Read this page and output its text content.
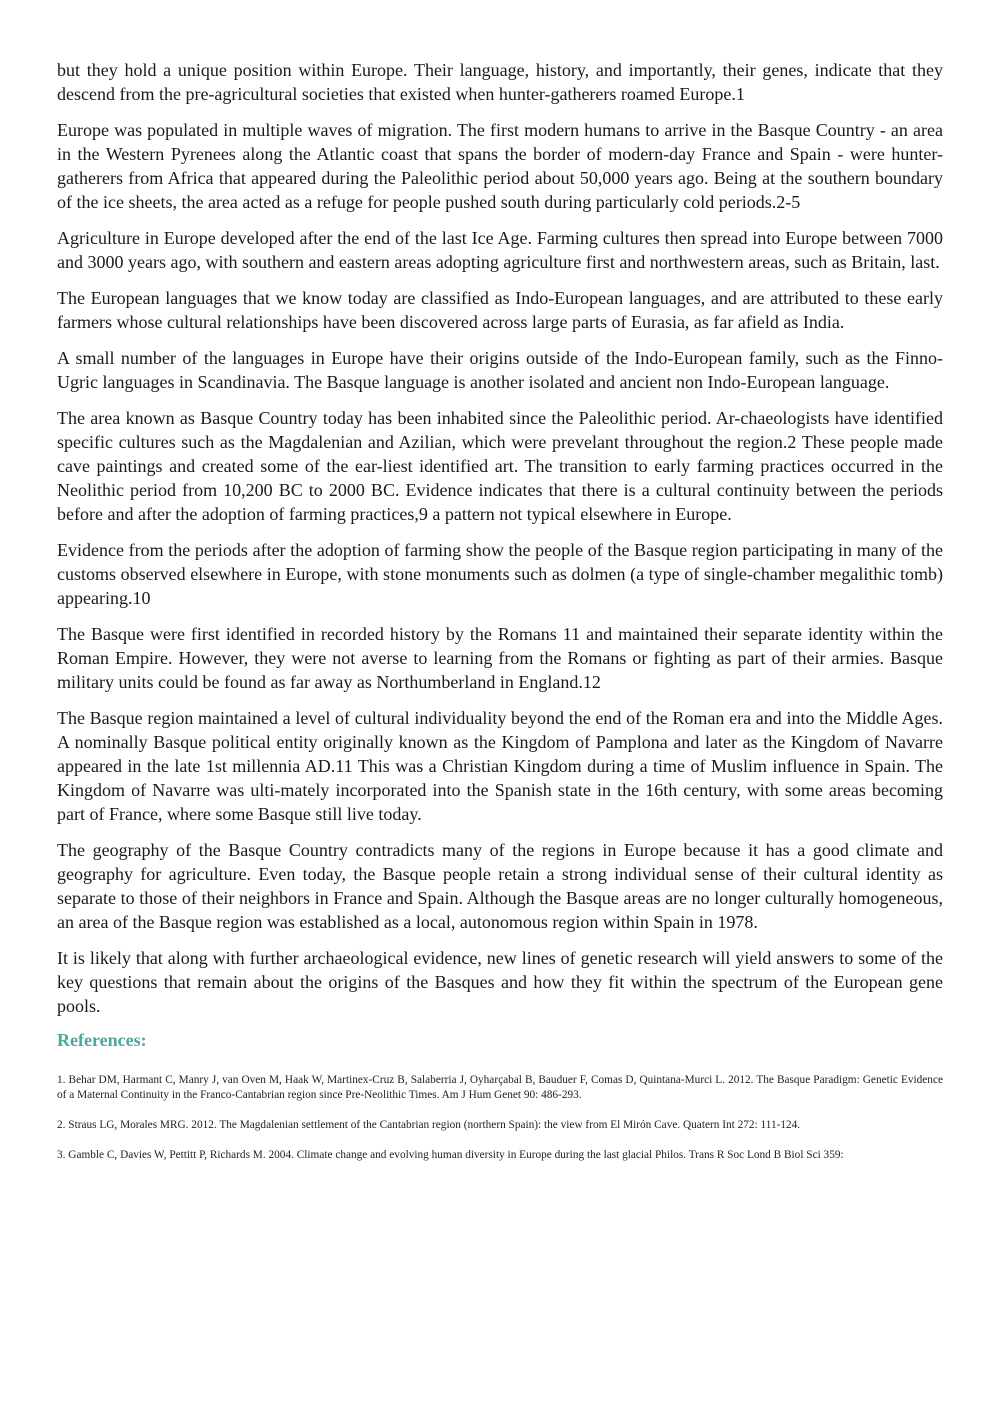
but they hold a unique position within Europe. Their language, history, and importantly, their genes, indicate that they descend from the pre-agricultural societies that existed when hunter-gatherers roamed Europe.1

Europe was populated in multiple waves of migration. The first modern humans to arrive in the Basque Country - an area in the Western Pyrenees along the Atlantic coast that spans the border of modern-day France and Spain - were hunter-gatherers from Africa that appeared during the Paleolithic period about 50,000 years ago. Being at the southern boundary of the ice sheets, the area acted as a refuge for people pushed south during particularly cold periods.2-5

Agriculture in Europe developed after the end of the last Ice Age. Farming cultures then spread into Europe between 7000 and 3000 years ago, with southern and eastern areas adopting agriculture first and northwestern areas, such as Britain, last.

The European languages that we know today are classified as Indo-European languages, and are attributed to these early farmers whose cultural relationships have been discovered across large parts of Eurasia, as far afield as India.

A small number of the languages in Europe have their origins outside of the Indo-European family, such as the Finno-Ugric languages in Scandinavia. The Basque language is another isolated and ancient non Indo-European language.

The area known as Basque Country today has been inhabited since the Paleolithic period. Ar-chaeologists have identified specific cultures such as the Magdalenian and Azilian, which were prevelant throughout the region.2 These people made cave paintings and created some of the ear-liest identified art. The transition to early farming practices occurred in the Neolithic period from 10,200 BC to 2000 BC. Evidence indicates that there is a cultural continuity between the periods before and after the adoption of farming practices,9 a pattern not typical elsewhere in Europe.

Evidence from the periods after the adoption of farming show the people of the Basque region participating in many of the customs observed elsewhere in Europe, with stone monuments such as dolmen (a type of single-chamber megalithic tomb) appearing.10

The Basque were first identified in recorded history by the Romans 11 and maintained their separate identity within the Roman Empire. However, they were not averse to learning from the Romans or fighting as part of their armies. Basque military units could be found as far away as Northumberland in England.12

The Basque region maintained a level of cultural individuality beyond the end of the Roman era and into the Middle Ages. A nominally Basque political entity originally known as the Kingdom of Pamplona and later as the Kingdom of Navarre appeared in the late 1st millennia AD.11 This was a Christian Kingdom during a time of Muslim influence in Spain. The Kingdom of Navarre was ulti-mately incorporated into the Spanish state in the 16th century, with some areas becoming part of France, where some Basque still live today.

The geography of the Basque Country contradicts many of the regions in Europe because it has a good climate and geography for agriculture. Even today, the Basque people retain a strong individual sense of their cultural identity as separate to those of their neighbors in France and Spain. Although the Basque areas are no longer culturally homogeneous, an area of the Basque region was established as a local, autonomous region within Spain in 1978.

It is likely that along with further archaeological evidence, new lines of genetic research will yield answers to some of the key questions that remain about the origins of the Basques and how they fit within the spectrum of the European gene pools.

References:

1. Behar DM, Harmant C, Manry J, van Oven M, Haak W, Martinex-Cruz B, Salaberria J, Oyharçabal B, Bauduer F, Comas D, Quintana-Murci L. 2012. The Basque Paradigm: Genetic Evidence of a Maternal Continuity in the Franco-Cantabrian region since Pre-Neolithic Times. Am J Hum Genet 90: 486-293.

2. Straus LG, Morales MRG. 2012. The Magdalenian settlement of the Cantabrian region (northern Spain): the view from El Mirón Cave. Quatern Int 272: 111-124.

3. Gamble C, Davies W, Pettitt P, Richards M. 2004. Climate change and evolving human diversity in Europe during the last glacial Philos. Trans R Soc Lond B Biol Sci 359:
